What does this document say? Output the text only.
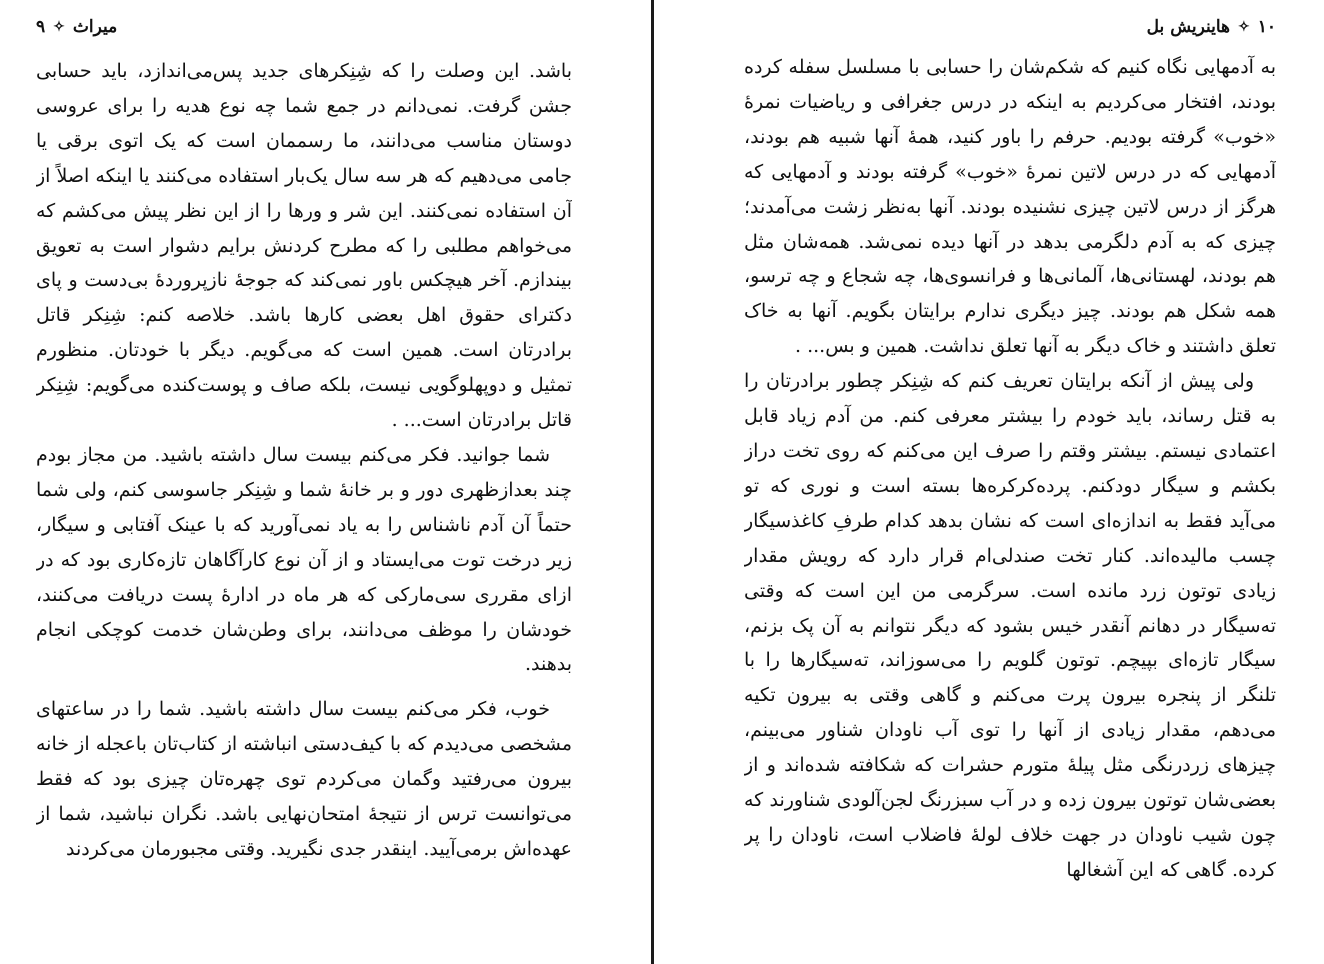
میراث
✧
۹

باشد. این وصلت را که شِنِکرهای جدید پس‌می‌اندازد، باید حسابی جشن گرفت. نمی‌دانم در جمع شما چه نوع هدیه را برای عروسی دوستان مناسب می‌دانند، ما رسممان است که یک اتوی برقی یا جامی می‌دهیم که هر سه سال یک‌بار استفاده می‌کنند یا اینکه اصلاً از آن استفاده نمی‌کنند. این شر و ورها را از این نظر پیش می‌کشم که می‌خواهم مطلبی را که مطرح کردنش برایم دشوار است به تعویق بیندازم. آخر هیچکس باور نمی‌کند که جوجهٔ نازپروردهٔ بی‌دست و پای دکترای حقوق اهل بعضی کارها باشد. خلاصه کنم: شِنِکر قاتل برادرتان است. همین است که می‌گویم. دیگر با خودتان. منظورم تمثیل و دوپهلوگویی نیست، بلکه صاف و پوست‌کنده می‌گویم: شِنِکر قاتل برادرتان است... .

شما جوانید. فکر می‌کنم بیست سال داشته باشید. من مجاز بودم چند بعدازظهری دور و بر خانهٔ شما و شِنِکر جاسوسی کنم، ولی شما حتماً آن آدم ناشناس را به یاد نمی‌آورید که با عینک آفتابی و سیگار، زیر درخت توت می‌ایستاد و از آن نوع کارآگاهان تازه‌کاری بود که در ازای مقرری سی‌مارکی که هر ماه در ادارهٔ پست دریافت می‌کنند، خودشان را موظف می‌دانند، برای وطن‌شان خدمت کوچکی انجام بدهند.

خوب، فکر می‌کنم بیست سال داشته باشید. شما را در ساعتهای مشخصی می‌دیدم که با کیف‌دستی انباشته از کتاب‌تان باعجله از خانه بیرون می‌رفتید وگمان می‌کردم توی چهره‌تان چیزی بود که فقط می‌توانست ترس از نتیجهٔ امتحان‌نهایی باشد. نگران نباشید، شما از عهده‌اش برمی‌آیید. اینقدر جدی نگیرید. وقتی مجبورمان می‌کردند

۱۰
✧
هاینریش بل

به آدمهایی نگاه کنیم که شکم‌شان را حسابی با مسلسل سفله کرده بودند، افتخار می‌کردیم به اینکه در درس جغرافی و ریاضیات نمرهٔ «خوب» گرفته بودیم. حرفم را باور کنید، همهٔ آنها شبیه هم بودند، آدمهایی که در درس لاتین نمرهٔ «خوب» گرفته بودند و آدمهایی که هرگز از درس لاتین چیزی نشنیده بودند. آنها به‌نظر زشت می‌آمدند؛ چیزی که به آدم دلگرمی بدهد در آنها دیده نمی‌شد. همه‌شان مثل هم بودند، لهستانی‌ها، آلمانی‌ها و فرانسوی‌ها، چه شجاع و چه ترسو، همه شکل هم بودند. چیز دیگری ندارم برایتان بگویم. آنها به خاک تعلق داشتند و خاک دیگر به آنها تعلق نداشت. همین و بس... .

ولی پیش از آنکه برایتان تعریف کنم که شِنِکر چطور برادرتان را به قتل رساند، باید خودم را بیشتر معرفی کنم. من آدم زیاد قابل اعتمادی نیستم. بیشتر وقتم را صرف این می‌کنم که روی تخت دراز بکشم و سیگار دودکنم. پرده‌کرکره‌ها بسته است و نوری که تو می‌آید فقط به اندازه‌ای است که نشان بدهد کدام طرفِ کاغذسیگار چسب مالیده‌اند. کنار تخت صندلی‌ام قرار دارد که رویش مقدار زیادی توتون زرد مانده است. سرگرمی من این است که وقتی ته‌سیگار در دهانم آنقدر خیس بشود که دیگر نتوانم به آن پک بزنم، سیگار تازه‌ای بپیچم. توتون گلویم را می‌سوزاند، ته‌سیگارها را با تلنگر از پنجره بیرون پرت می‌کنم و گاهی وقتی به بیرون تکیه می‌دهم، مقدار زیادی از آنها را توی آب ناودان شناور می‌بینم، چیزهای زردرنگی مثل پیلهٔ متورم حشرات که شکافته شده‌اند و از بعضی‌شان توتون بیرون زده و در آب سبزرنگ لجن‌آلودی شناورند که چون شیب ناودان در جهت خلاف لولهٔ فاضلاب است، ناودان را پر کرده. گاهی که این آشغالها
